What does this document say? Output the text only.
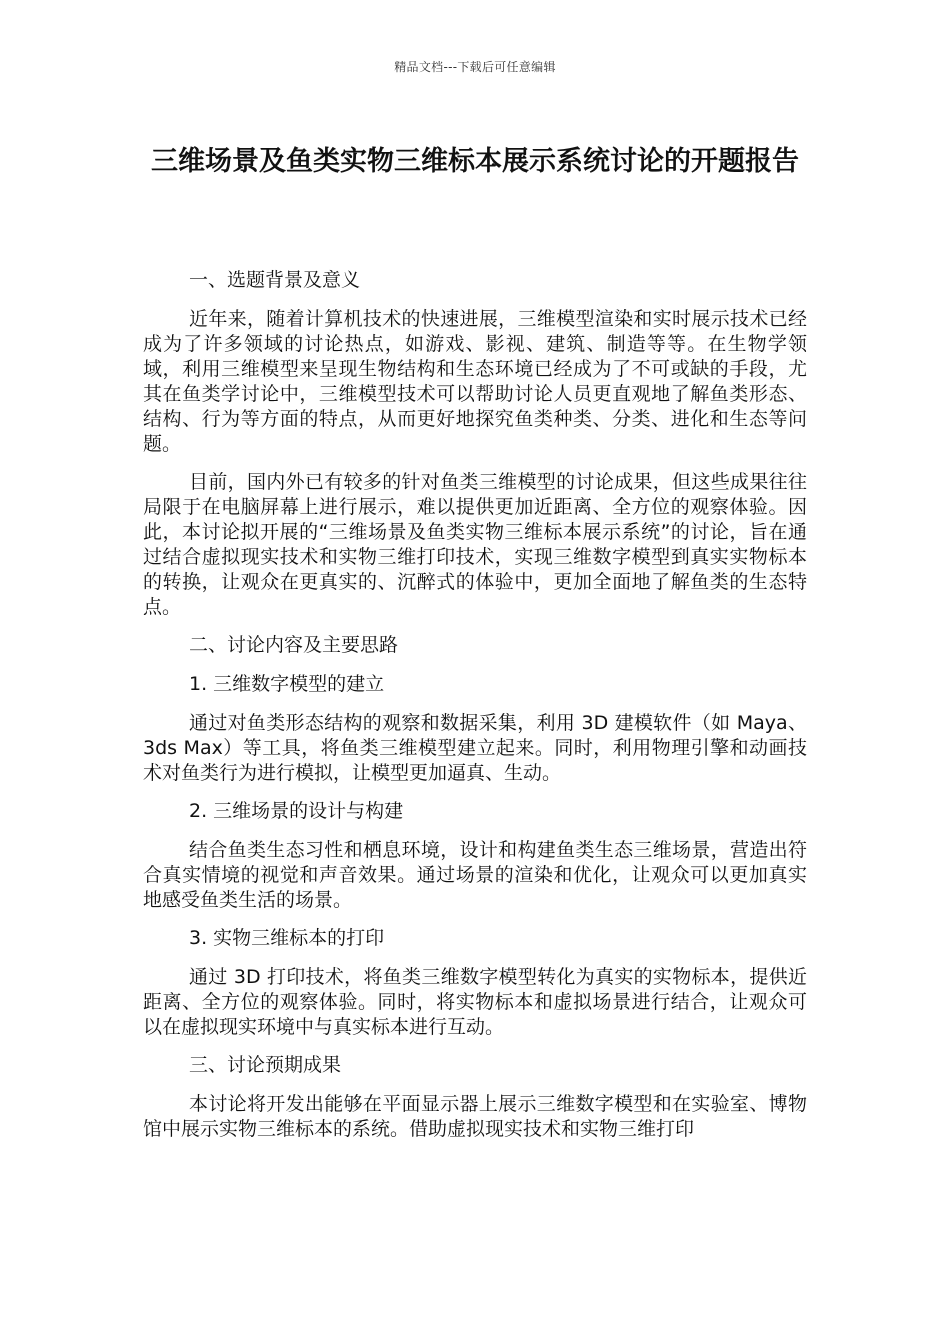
精品文档---下载后可任意编辑
三维场景及鱼类实物三维标本展示系统讨论的开题报告
一、选题背景及意义

近年来，随着计算机技术的快速进展，三维模型渲染和实时展示技术已经成为了许多领域的讨论热点，如游戏、影视、建筑、制造等等。在生物学领域，利用三维模型来呈现生物结构和生态环境已经成为了不可或缺的手段，尤其在鱼类学讨论中，三维模型技术可以帮助讨论人员更直观地了解鱼类形态、结构、行为等方面的特点，从而更好地探究鱼类种类、分类、进化和生态等问题。

目前，国内外已有较多的针对鱼类三维模型的讨论成果，但这些成果往往局限于在电脑屏幕上进行展示，难以提供更加近距离、全方位的观察体验。因此，本讨论拟开展的“三维场景及鱼类实物三维标本展示系统”的讨论，旨在通过结合虚拟现实技术和实物三维打印技术，实现三维数字模型到真实实物标本的转换，让观众在更真实的、沉醉式的体验中，更加全面地了解鱼类的生态特点。

二、讨论内容及主要思路
1. 三维数字模型的建立

通过对鱼类形态结构的观察和数据采集，利用 3D 建模软件（如 Maya、3ds Max）等工具，将鱼类三维模型建立起来。同时，利用物理引擎和动画技术对鱼类行为进行模拟，让模型更加逼真、生动。

2. 三维场景的设计与构建

结合鱼类生态习性和栖息环境，设计和构建鱼类生态三维场景，营造出符合真实情境的视觉和声音效果。通过场景的渲染和优化，让观众可以更加真实地感受鱼类生活的场景。

3. 实物三维标本的打印

通过 3D 打印技术，将鱼类三维数字模型转化为真实的实物标本，提供近距离、全方位的观察体验。同时，将实物标本和虚拟场景进行结合，让观众可以在虚拟现实环境中与真实标本进行互动。

三、讨论预期成果

本讨论将开发出能够在平面显示器上展示三维数字模型和在实验室、博物馆中展示实物三维标本的系统。借助虚拟现实技术和实物三维打印
